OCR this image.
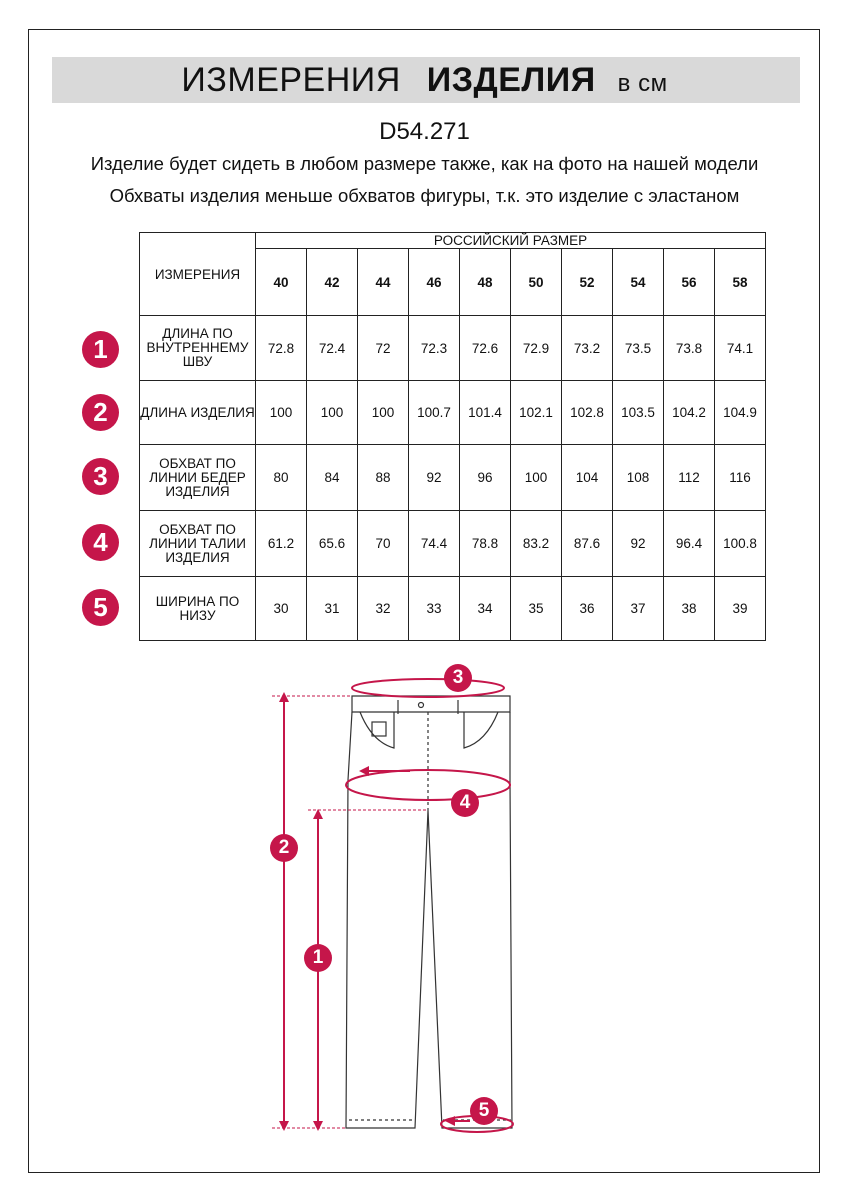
ИЗМЕРЕНИЯ ИЗДЕЛИЯ в см
D54.271
Изделие будет сидеть в любом размере также, как на фото на нашей модели
Обхваты изделия меньше обхватов фигуры, т.к. это изделие с эластаном
ИЗМЕРЕНИЯ	РОССИЙСКИЙ РАЗМЕР									
	40	42	44	46	48	50	52	54	56	58
ДЛИНА ПО ВНУТРЕННЕМУ ШВУ	72.8	72.4	72	72.3	72.6	72.9	73.2	73.5	73.8	74.1
ДЛИНА ИЗДЕЛИЯ	100	100	100	100.7	101.4	102.1	102.8	103.5	104.2	104.9
ОБХВАТ ПО ЛИНИИ БЕДЕР ИЗДЕЛИЯ	80	84	88	92	96	100	104	108	112	116
ОБХВАТ ПО ЛИНИИ ТАЛИИ ИЗДЕЛИЯ	61.2	65.6	70	74.4	78.8	83.2	87.6	92	96.4	100.8
ШИРИНА ПО НИЗУ	30	31	32	33	34	35	36	37	38	39
1
2
3
4
5
3
4
2
1
5
